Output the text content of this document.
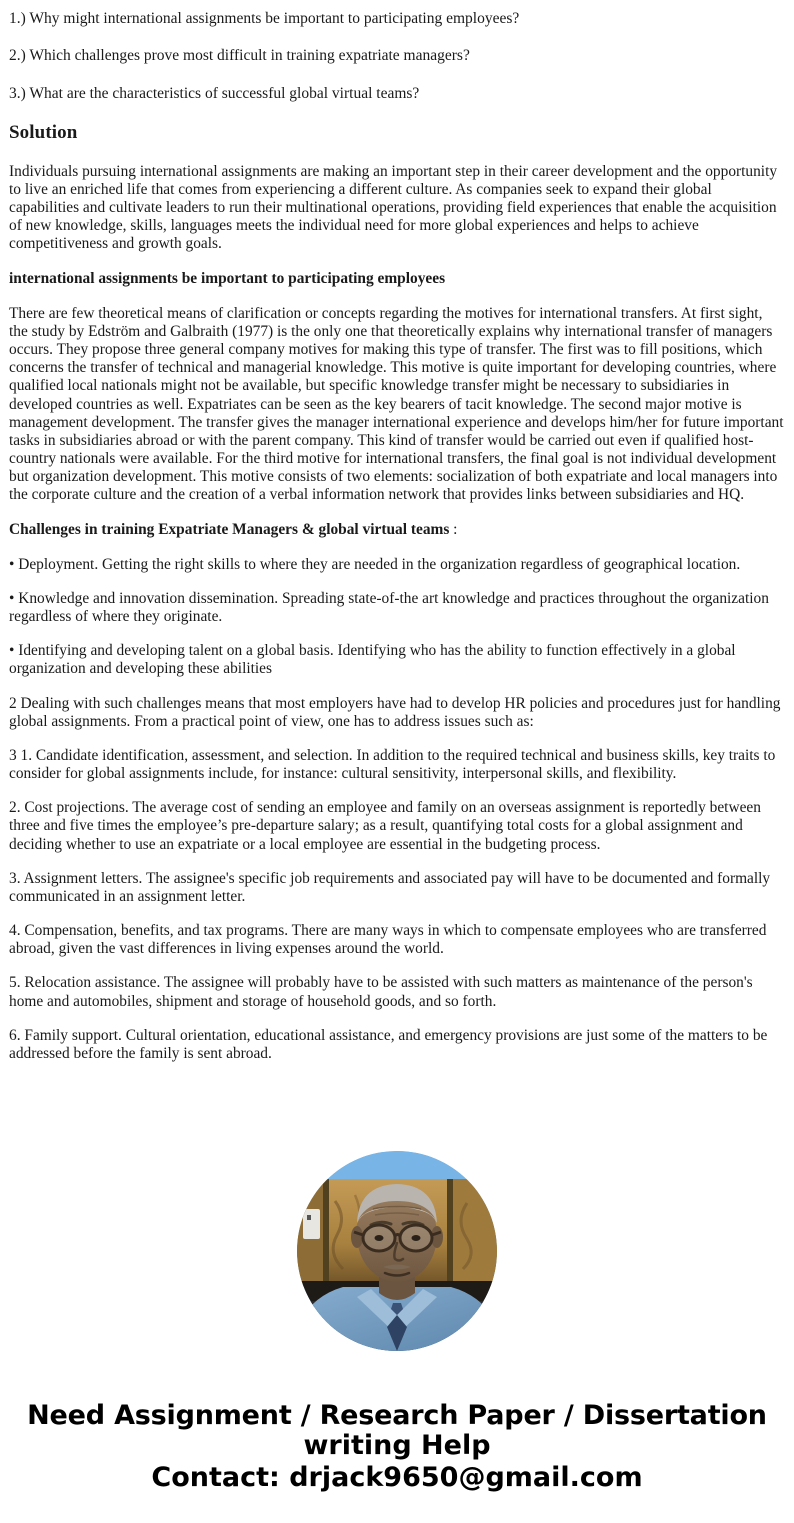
1.) Why might international assignments be important to participating employees?

2.) Which challenges prove most difficult in training expatriate managers?

3.) What are the characteristics of successful global virtual teams?

Solution

Individuals pursuing international assignments are making an important step in their career development and the opportunity to live an enriched life that comes from experiencing a different culture. As companies seek to expand their global capabilities and cultivate leaders to run their multinational operations, providing field experiences that enable the acquisition of new knowledge, skills, languages meets the individual need for more global experiences and helps to achieve competitiveness and growth goals.

international assignments be important to participating employees

There are few theoretical means of clarification or concepts regarding the motives for international transfers. At first sight, the study by Edström and Galbraith (1977) is the only one that theoretically explains why international transfer of managers occurs. They propose three general company motives for making this type of transfer. The first was to fill positions, which concerns the transfer of technical and managerial knowledge. This motive is quite important for developing countries, where qualified local nationals might not be available, but specific knowledge transfer might be necessary to subsidiaries in developed countries as well. Expatriates can be seen as the key bearers of tacit knowledge. The second major motive is management development. The transfer gives the manager international experience and develops him/her for future important tasks in subsidiaries abroad or with the parent company. This kind of transfer would be carried out even if qualified host-country nationals were available. For the third motive for international transfers, the final goal is not individual development but organization development. This motive consists of two elements: socialization of both expatriate and local managers into the corporate culture and the creation of a verbal information network that provides links between subsidiaries and HQ.

Challenges in training Expatriate Managers & global virtual teams :

• Deployment. Getting the right skills to where they are needed in the organization regardless of geographical location.

• Knowledge and innovation dissemination. Spreading state-of-the art knowledge and practices throughout the organization regardless of where they originate.

• Identifying and developing talent on a global basis. Identifying who has the ability to function effectively in a global organization and developing these abilities

2 Dealing with such challenges means that most employers have had to develop HR policies and procedures just for handling global assignments. From a practical point of view, one has to address issues such as:

3 1. Candidate identification, assessment, and selection. In addition to the required technical and business skills, key traits to consider for global assignments include, for instance: cultural sensitivity, interpersonal skills, and flexibility.

2. Cost projections. The average cost of sending an employee and family on an overseas assignment is reportedly between three and five times the employee’s pre-departure salary; as a result, quantifying total costs for a global assignment and deciding whether to use an expatriate or a local employee are essential in the budgeting process.

3. Assignment letters. The assignee's specific job requirements and associated pay will have to be documented and formally communicated in an assignment letter.

4. Compensation, benefits, and tax programs. There are many ways in which to compensate employees who are transferred abroad, given the vast differences in living expenses around the world.

5. Relocation assistance. The assignee will probably have to be assisted with such matters as maintenance of the person's home and automobiles, shipment and storage of household goods, and so forth.

6. Family support. Cultural orientation, educational assistance, and emergency provisions are just some of the matters to be addressed before the family is sent abroad.

Need Assignment / Research Paper / Dissertation
writing Help
Contact: drjack9650@gmail.com
